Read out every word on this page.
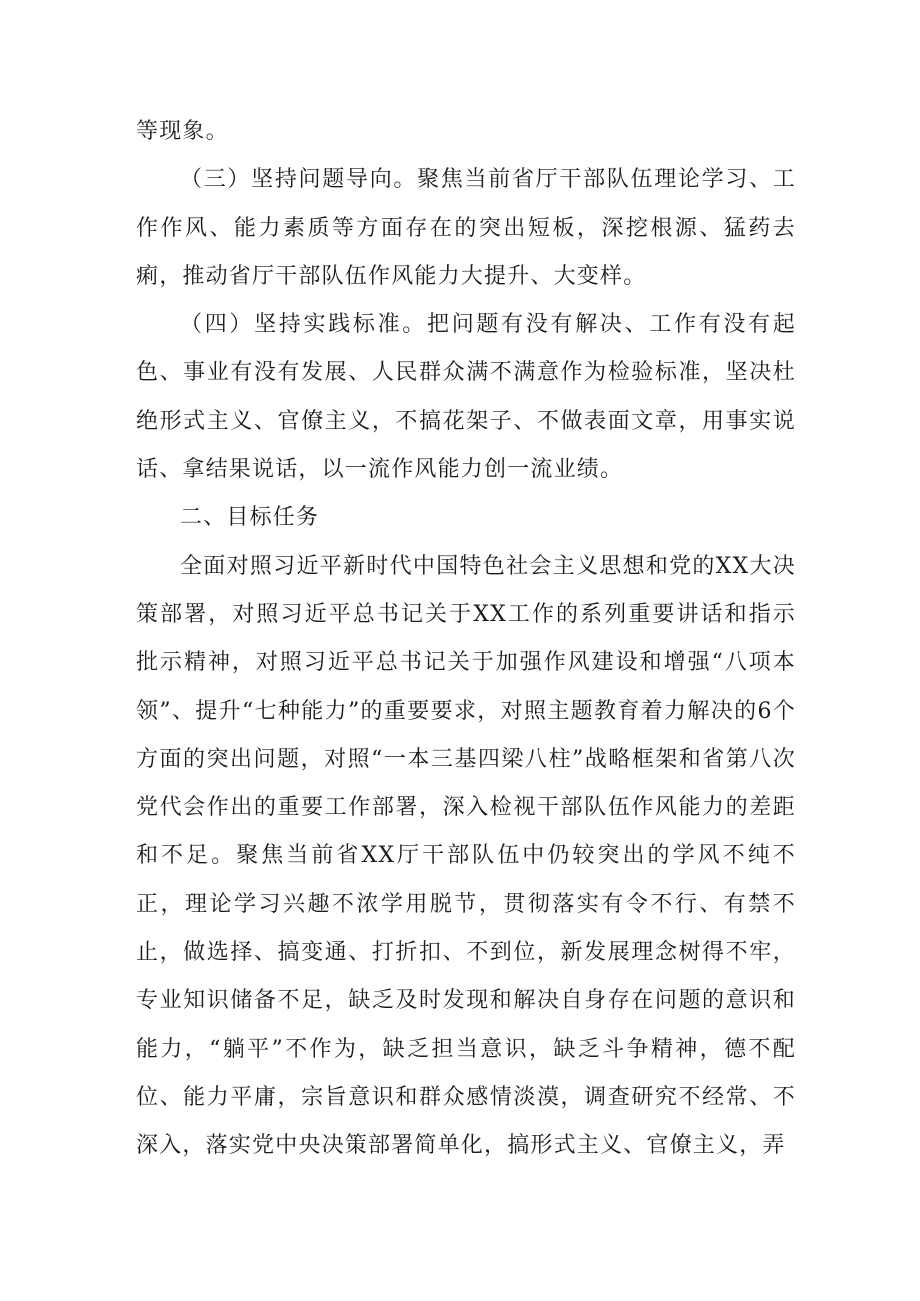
等现象。

（三）坚持问题导向。聚焦当前省厅干部队伍理论学习、工作作风、能力素质等方面存在的突出短板，深挖根源、猛药去痢，推动省厅干部队伍作风能力大提升、大变样。

（四）坚持实践标准。把问题有没有解决、工作有没有起色、事业有没有发展、人民群众满不满意作为检验标准，坚决杜绝形式主义、官僚主义，不搞花架子、不做表面文章，用事实说话、拿结果说话，以一流作风能力创一流业绩。

二、目标任务

全面对照习近平新时代中国特色社会主义思想和党的XX大决策部署，对照习近平总书记关于XX工作的系列重要讲话和指示批示精神，对照习近平总书记关于加强作风建设和增强“八项本领”、提升“七种能力”的重要要求，对照主题教育着力解决的6个方面的突出问题，对照“一本三基四梁八柱”战略框架和省第八次党代会作出的重要工作部署，深入检视干部队伍作风能力的差距和不足。聚焦当前省XX厅干部队伍中仍较突出的学风不纯不正，理论学习兴趣不浓学用脱节，贯彻落实有令不行、有禁不止，做选择、搞变通、打折扣、不到位，新发展理念树得不牢，专业知识储备不足，缺乏及时发现和解决自身存在问题的意识和能力，“躺平”不作为，缺乏担当意识，缺乏斗争精神，德不配位、能力平庸，宗旨意识和群众感情淡漠，调查研究不经常、不深入，落实党中央决策部署简单化，搞形式主义、官僚主义，弄
